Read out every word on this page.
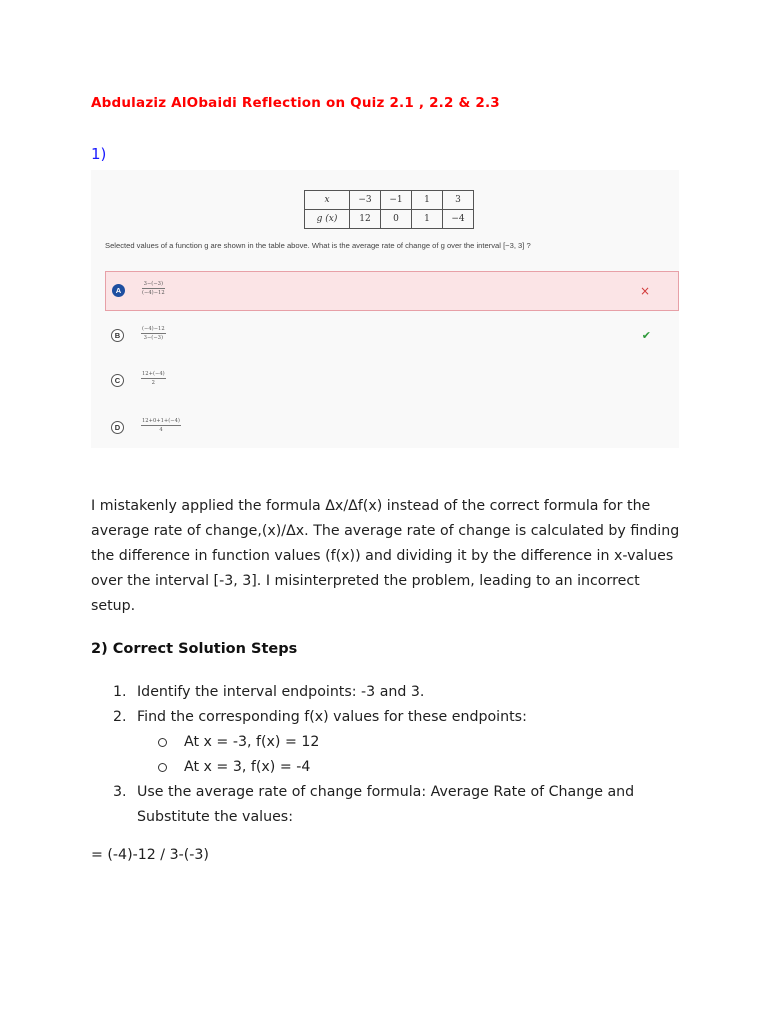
Abdulaziz AlObaidi Reflection on Quiz 2.1 , 2.2 & 2.3
1)
x	−3	−1	1	3
g (x)	12	0	1	−4
Selected values of a function g are shown in the table above. What is the average rate of change of g over the interval [−3, 3] ?
A	$\frac{3-(-3)}{(-4)-12}$	×
B	$\frac{(-4)-12}{3-(-3)}$	✔
C	$\frac{12+(-4)}{2}$
D	$\frac{12+0+1+(-4)}{4}$
I mistakenly applied the formula Δx/Δf(x) instead of the correct formula for the
average rate of change,(x)/Δx. The average rate of change is calculated by finding
the difference in function values (f(x)) and dividing it by the difference in x-values
over the interval [-3, 3]. I misinterpreted the problem, leading to an incorrect
setup.
2) Correct Solution Steps
1. Identify the interval endpoints: -3 and 3.
2. Find the corresponding f(x) values for these endpoints:
At x = -3, f(x) = 12
At x = 3, f(x) = -4
3. Use the average rate of change formula: Average Rate of Change and
Substitute the values:
= (-4)-12 / 3-(-3)
